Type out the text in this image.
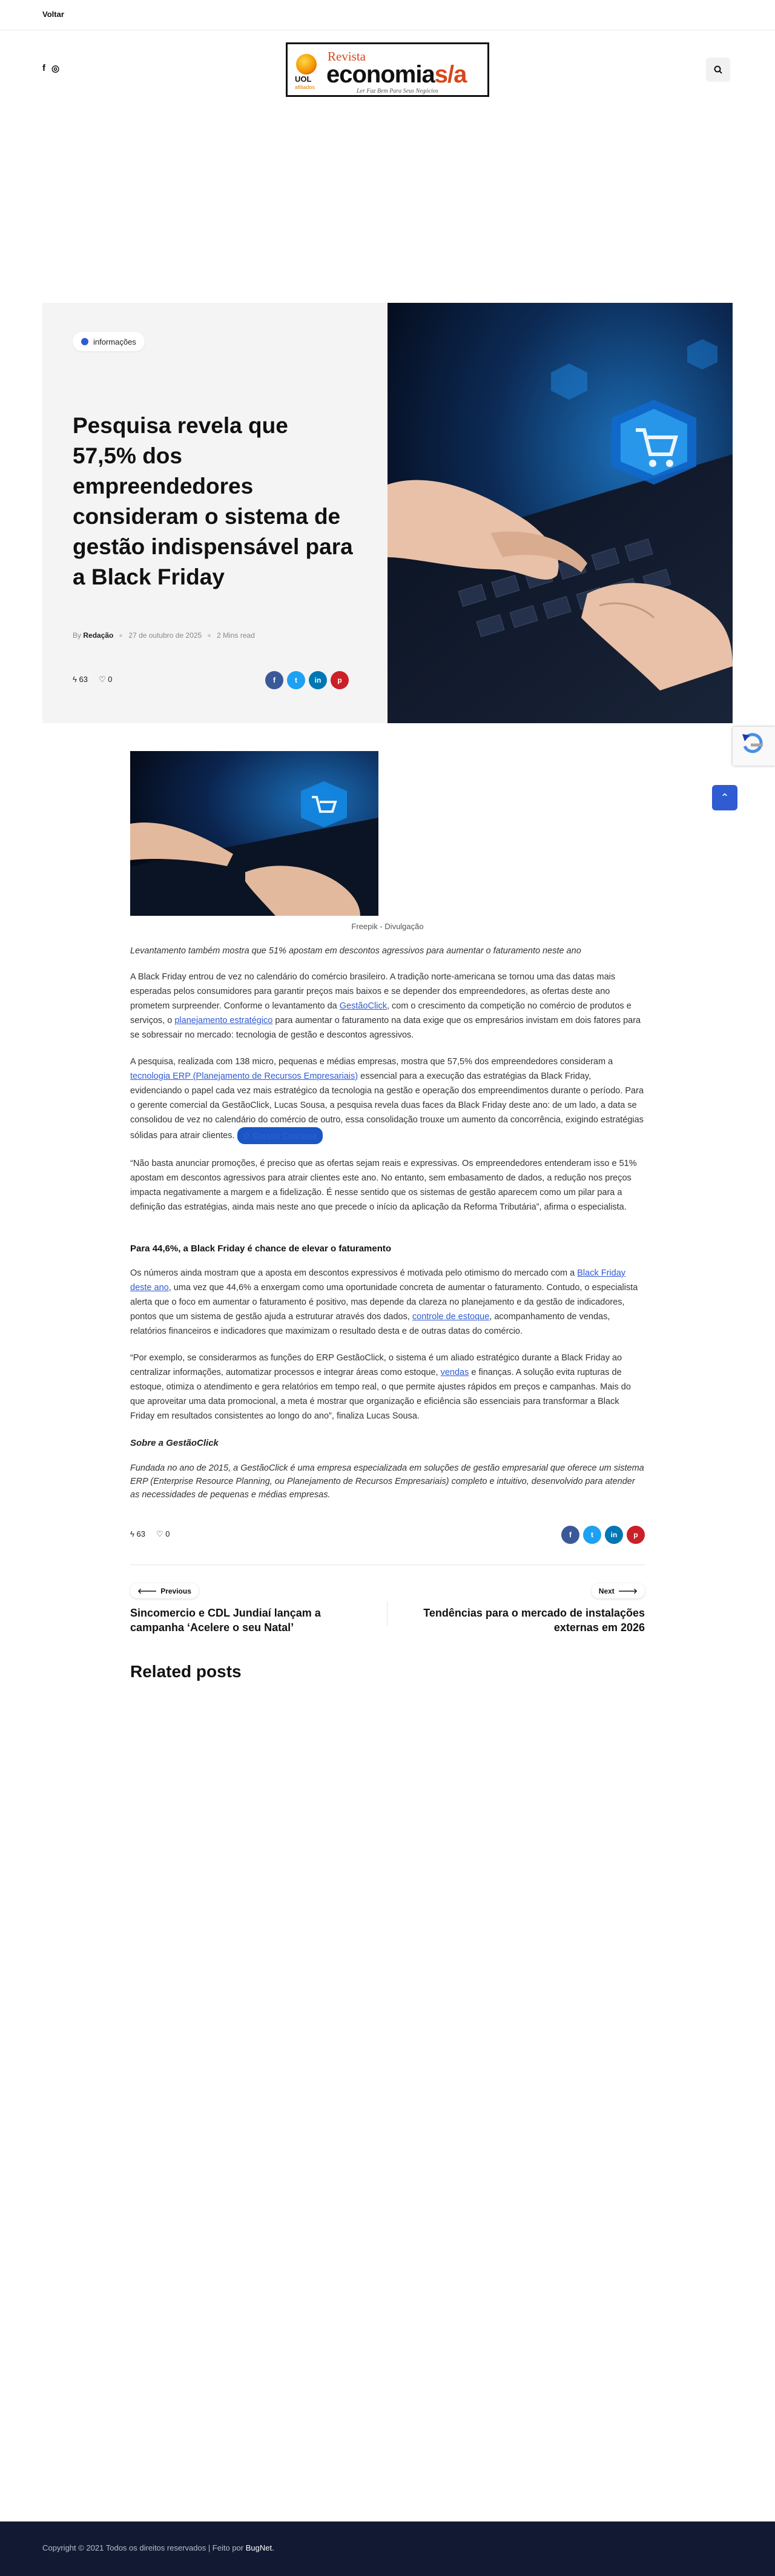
Voltar
f ◎
UOL
afiliados
Revista
economias/a
Ler Faz Bem Para Seus Negócios
informações
Pesquisa revela que 57,5% dos empreendedores consideram o sistema de gestão indispensável para a Black Friday
By Redação 27 de outubro de 2025 2 Mins read
ϟ 63 ♡ 0	f	t	in	p
⌃
Freepik - Divulgação

Levantamento também mostra que 51% apostam em descontos agressivos para aumentar o faturamento neste ano

A Black Friday entrou de vez no calendário do comércio brasileiro. A tradição norte-americana se tornou uma das datas mais esperadas pelos consumidores para garantir preços mais baixos e se depender dos empreendedores, as ofertas deste ano prometem surpreender. Conforme o levantamento da GestãoClick, com o crescimento da competição no comércio de produtos e serviços, o planejamento estratégico para aumentar o faturamento na data exige que os empresários invistam em dois fatores para se sobressair no mercado: tecnologia de gestão e descontos agressivos.

A pesquisa, realizada com 138 micro, pequenas e médias empresas, mostra que 57,5% dos empreendedores consideram a tecnologia ERP (Planejamento de Recursos Empresariais) essencial para a execução das estratégias da Black Friday, evidenciando o papel cada vez mais estratégico da tecnologia na gestão e operação dos empreendimentos durante o período. Para o gerente comercial da GestãoClick, Lucas Sousa, a pesquisa revela duas faces da Black Friday deste ano: de um lado, a data se consolidou de vez no calendário do comércio de outro, essa consolidação trouxe um aumento da concorrência, exigindo estratégias sólidas para atrair clientes. ⊙ Cursos Coursera

“Não basta anunciar promoções, é preciso que as ofertas sejam reais e expressivas. Os empreendedores entenderam isso e 51% apostam em descontos agressivos para atrair clientes este ano. No entanto, sem embasamento de dados, a redução nos preços impacta negativamente a margem e a fidelização. É nesse sentido que os sistemas de gestão aparecem como um pilar para a definição das estratégias, ainda mais neste ano que precede o início da aplicação da Reforma Tributária”, afirma o especialista.

Para 44,6%, a Black Friday é chance de elevar o faturamento

Os números ainda mostram que a aposta em descontos expressivos é motivada pelo otimismo do mercado com a Black Friday deste ano, uma vez que 44,6% a enxergam como uma oportunidade concreta de aumentar o faturamento. Contudo, o especialista alerta que o foco em aumentar o faturamento é positivo, mas depende da clareza no planejamento e da gestão de indicadores, pontos que um sistema de gestão ajuda a estruturar através dos dados, controle de estoque, acompanhamento de vendas, relatórios financeiros e indicadores que maximizam o resultado desta e de outras datas do comércio.

“Por exemplo, se considerarmos as funções do ERP GestãoClick, o sistema é um aliado estratégico durante a Black Friday ao centralizar informações, automatizar processos e integrar áreas como estoque, vendas e finanças. A solução evita rupturas de estoque, otimiza o atendimento e gera relatórios em tempo real, o que permite ajustes rápidos em preços e campanhas. Mais do que aproveitar uma data promocional, a meta é mostrar que organização e eficiência são essenciais para transformar a Black Friday em resultados consistentes ao longo do ano”, finaliza Lucas Sousa.

Sobre a GestãoClick

Fundada no ano de 2015, a GestãoClick é uma empresa especializada em soluções de gestão empresarial que oferece um sistema ERP (Enterprise Resource Planning, ou Planejamento de Recursos Empresariais) completo e intuitivo, desenvolvido para atender as necessidades de pequenas e médias empresas.

ϟ 63 ♡ 0	f	t	in	p
🡐 Previous
Sincomercio e CDL Jundiaí lançam a campanha ‘Acelere o seu Natal’
Next 🡒
Tendências para o mercado de instalações externas em 2026
Related posts
Copyright © 2021 Todos os direitos reservados | Feito por BugNet.
